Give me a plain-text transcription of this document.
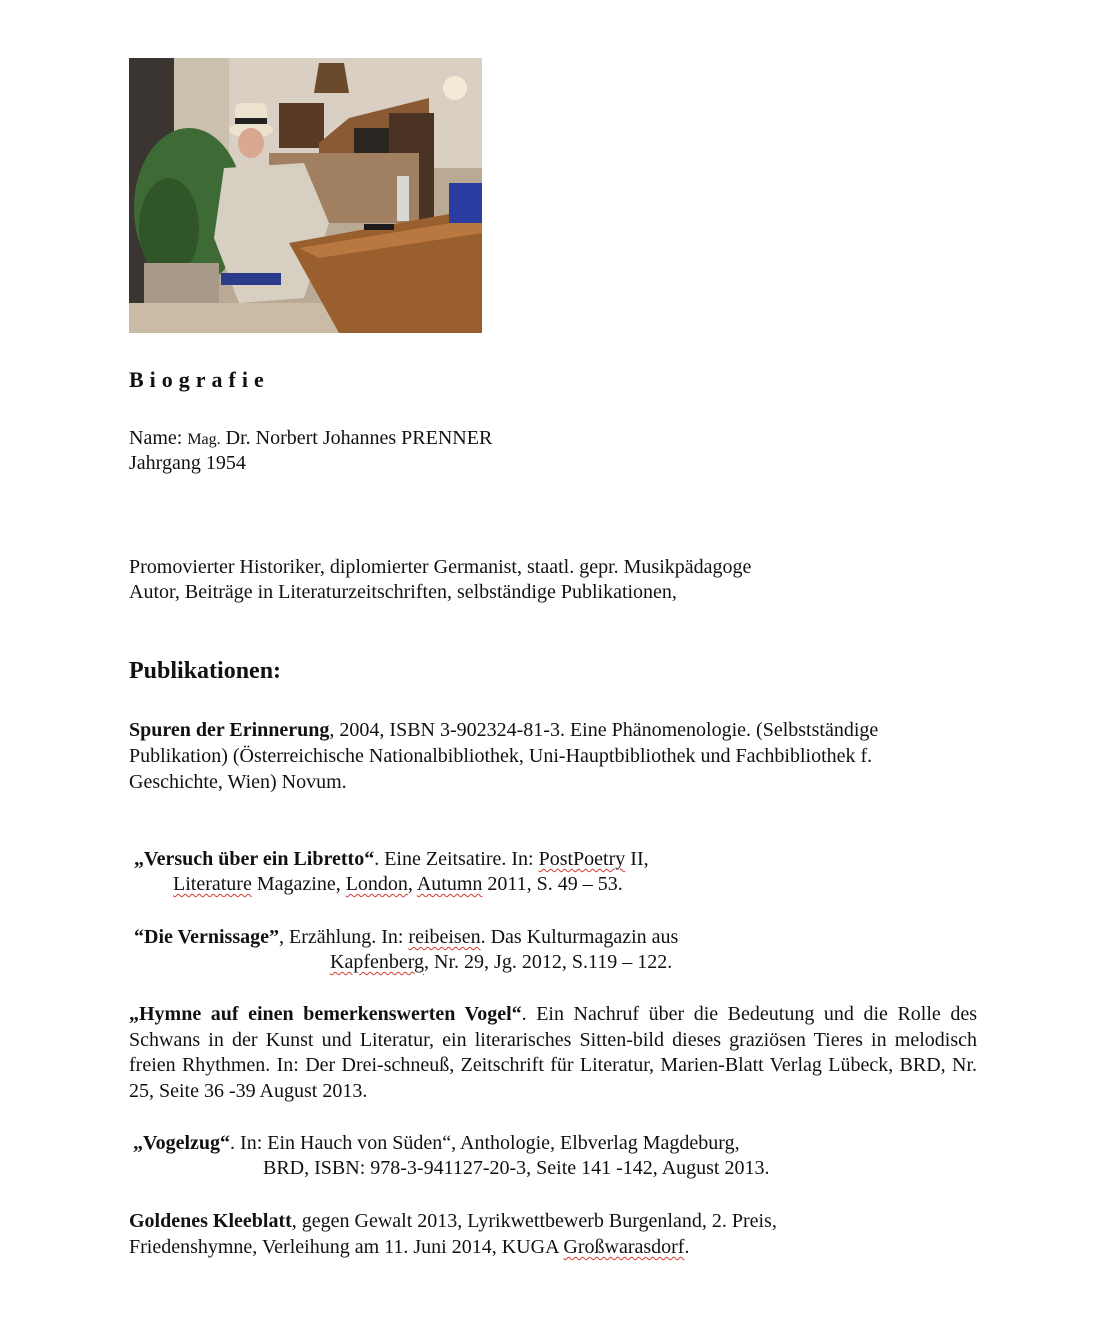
Biografie
Name: Mag. Dr. Norbert Johannes PRENNER
Jahrgang 1954
Promovierter Historiker, diplomierter Germanist, staatl. gepr. Musikpädagoge
Autor, Beiträge in Literaturzeitschriften, selbständige Publikationen,
Publikationen:
Spuren der Erinnerung, 2004, ISBN 3-902324-81-3. Eine Phänomenologie. (Selbstständige
Publikation) (Österreichische Nationalbibliothek, Uni-Hauptbibliothek und Fachbibliothek f.
Geschichte, Wien) Novum.
„Versuch über ein Libretto“. Eine Zeitsatire. In: PostPoetry II,
Literature Magazine, London, Autumn 2011, S. 49 – 53.
“Die Vernissage”, Erzählung. In: reibeisen. Das Kulturmagazin aus
Kapfenberg, Nr. 29, Jg. 2012, S.119 – 122.
„Hymne auf einen bemerkenswerten Vogel“. Ein Nachruf über die Bedeutung und die Rolle des Schwans in der Kunst und Literatur, ein literarisches Sitten-bild dieses graziösen Tieres in melodisch freien Rhythmen. In: Der Drei-schneuß, Zeitschrift für Literatur, Marien-Blatt Verlag Lübeck, BRD, Nr. 25, Seite 36 -39 August 2013.
„Vogelzug“. In: Ein Hauch von Süden“, Anthologie, Elbverlag Magdeburg,
BRD, ISBN: 978-3-941127-20-3, Seite 141 -142, August 2013.
Goldenes Kleeblatt, gegen Gewalt 2013, Lyrikwettbewerb Burgenland, 2. Preis,
Friedenshymne, Verleihung am 11. Juni 2014, KUGA Großwarasdorf.
